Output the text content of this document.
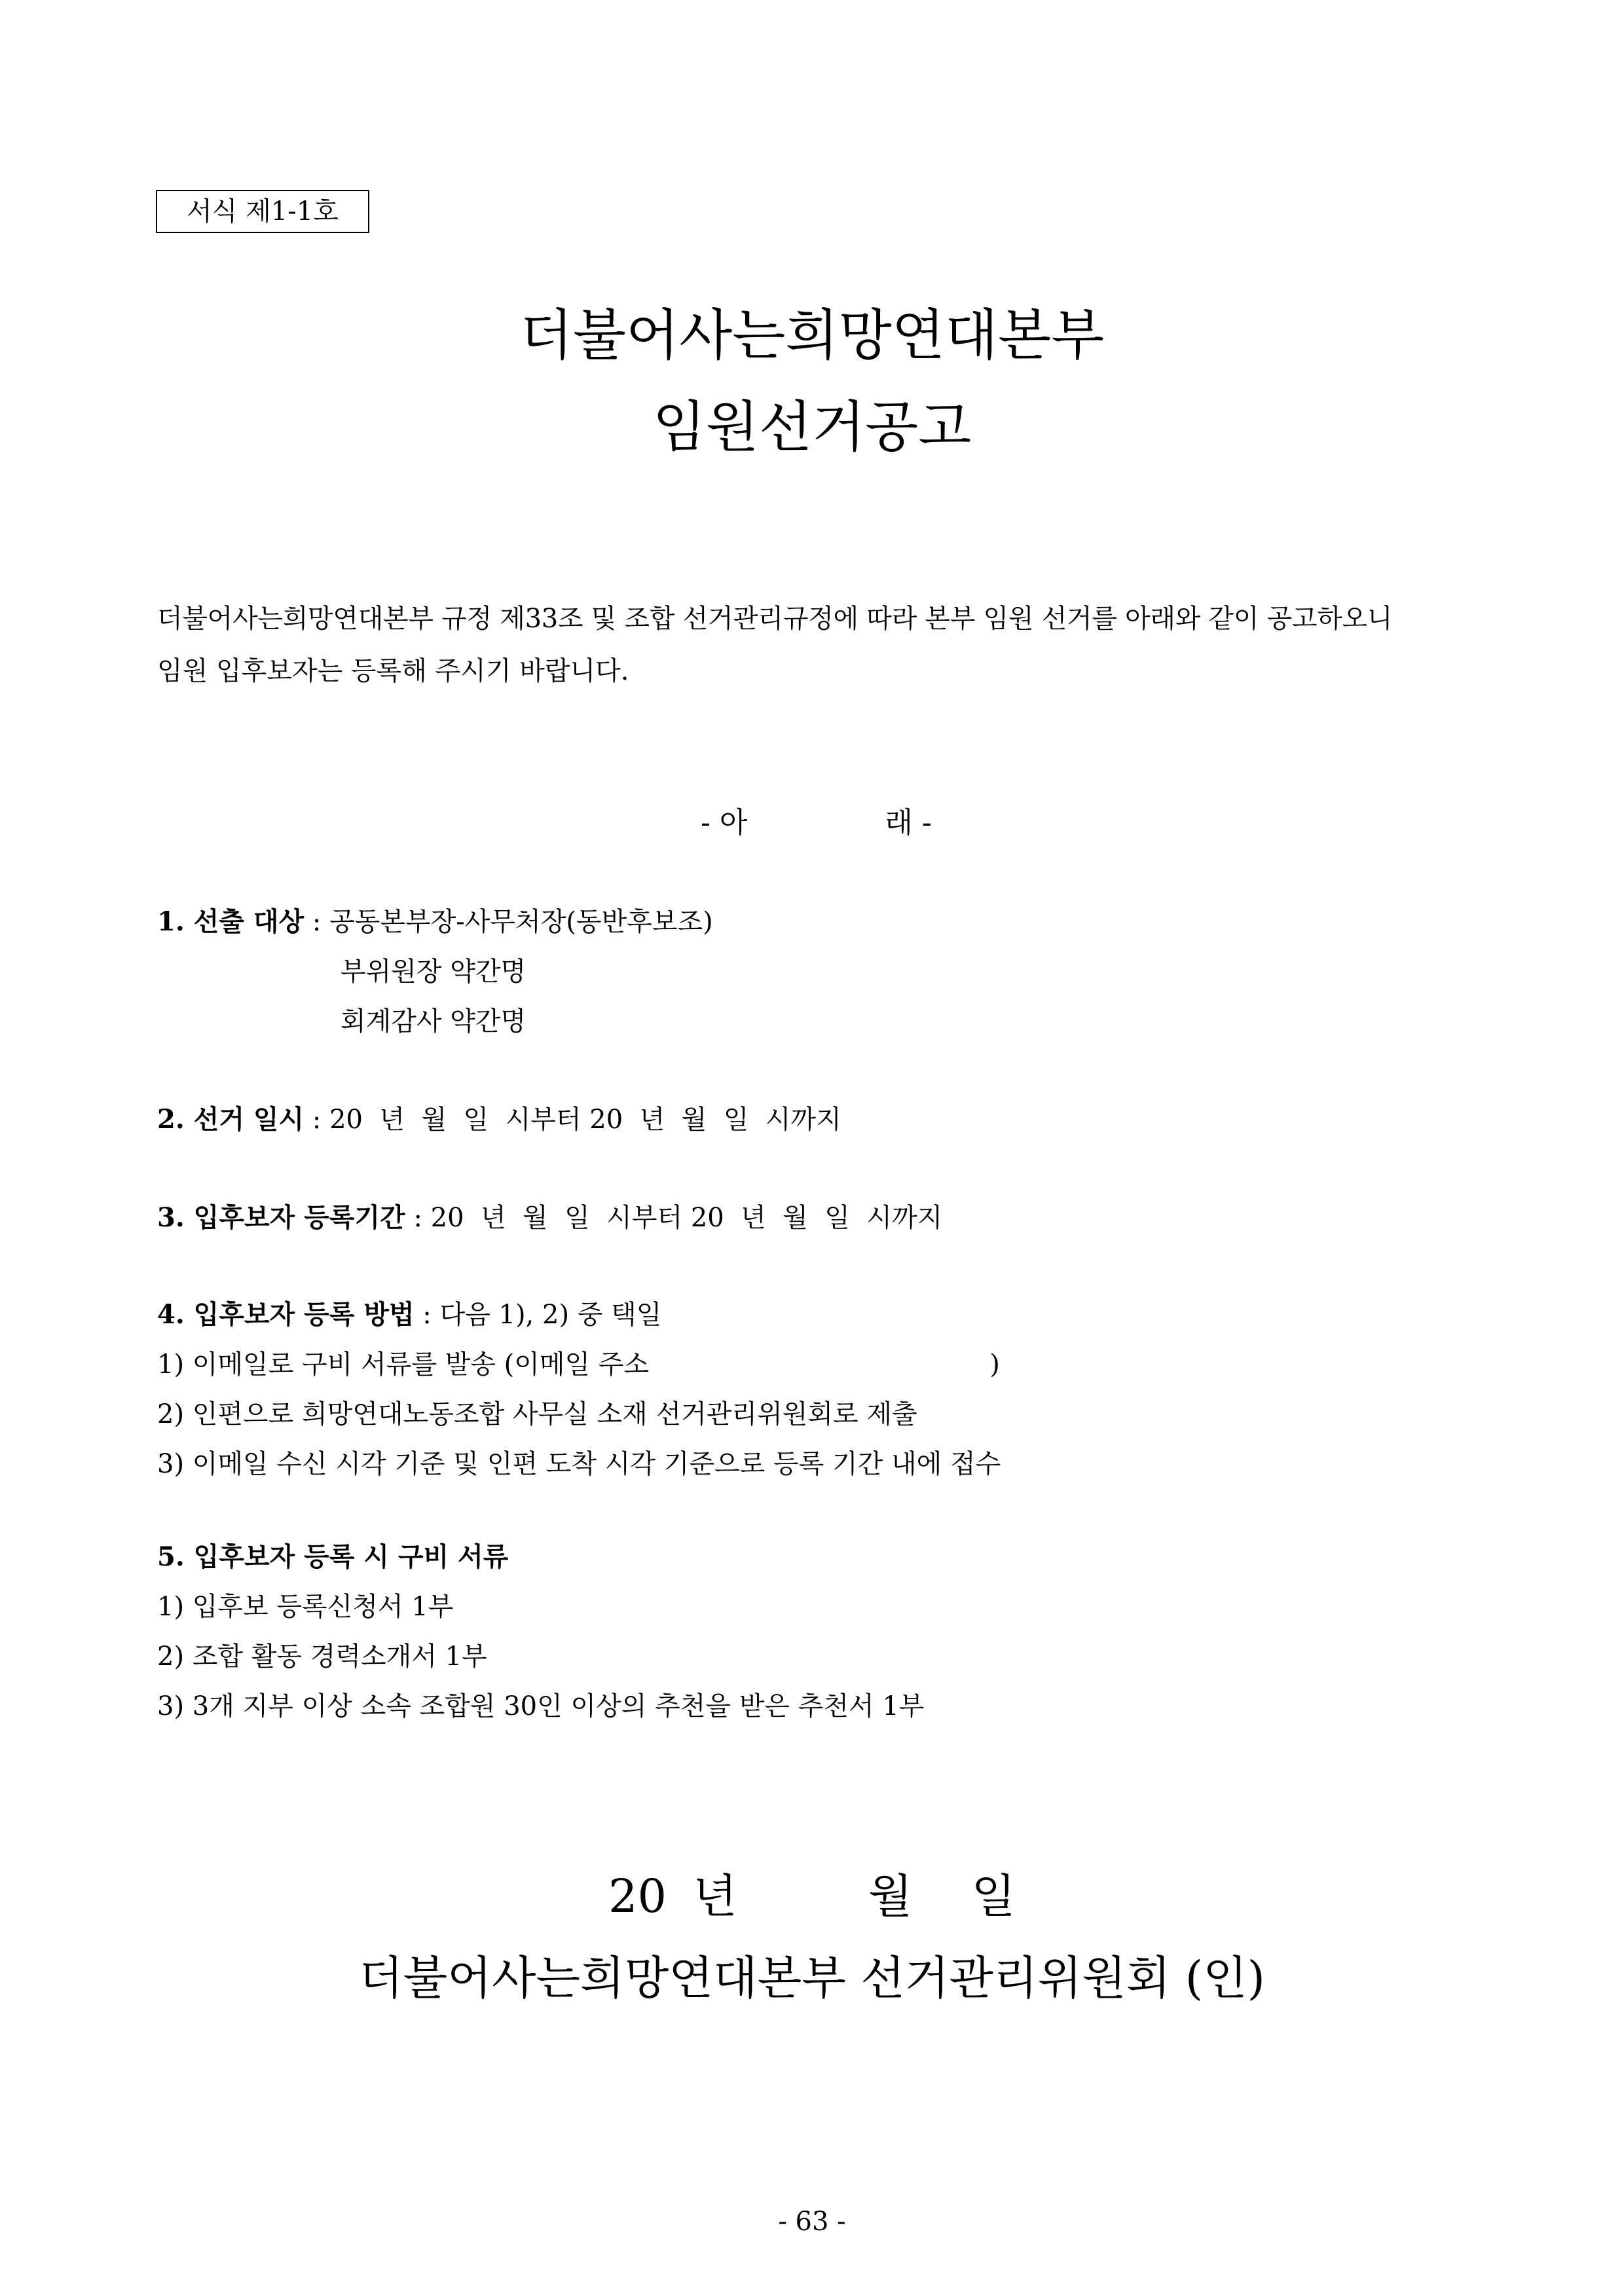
서식 제1-1호
더불어사는희망연대본부
임원선거공고

더불어사는희망연대본부 규정 제33조 및 조합 선거관리규정에 따라 본부 임원 선거를 아래와 같이 공고하오니

임원 입후보자는 등록해 주시기 바랍니다.

- 아	래 -
1. 선출 대상 : 공동본부장-사무처장(동반후보조)
부위원장 약간명
회계감사 약간명
2. 선거 일시 : 20  년  월  일  시부터 20  년  월  일  시까지
3. 입후보자 등록기간 : 20  년  월  일  시부터 20  년  월  일  시까지
4. 입후보자 등록 방법 : 다음 1), 2) 중 택일
1) 이메일로 구비 서류를 발송 (이메일 주소	)
2) 인편으로 희망연대노동조합 사무실 소재 선거관리위원회로 제출
3) 이메일 수신 시각 기준 및 인편 도착 시각 기준으로 등록 기간 내에 접수
5. 입후보자 등록 시 구비 서류
1) 입후보 등록신청서 1부
2) 조합 활동 경력소개서 1부
3) 3개 지부 이상 소속 조합원 30인 이상의 추천을 받은 추천서 1부
20 년	월 일
더불어사는희망연대본부 선거관리위원회 (인)
- 63 -
